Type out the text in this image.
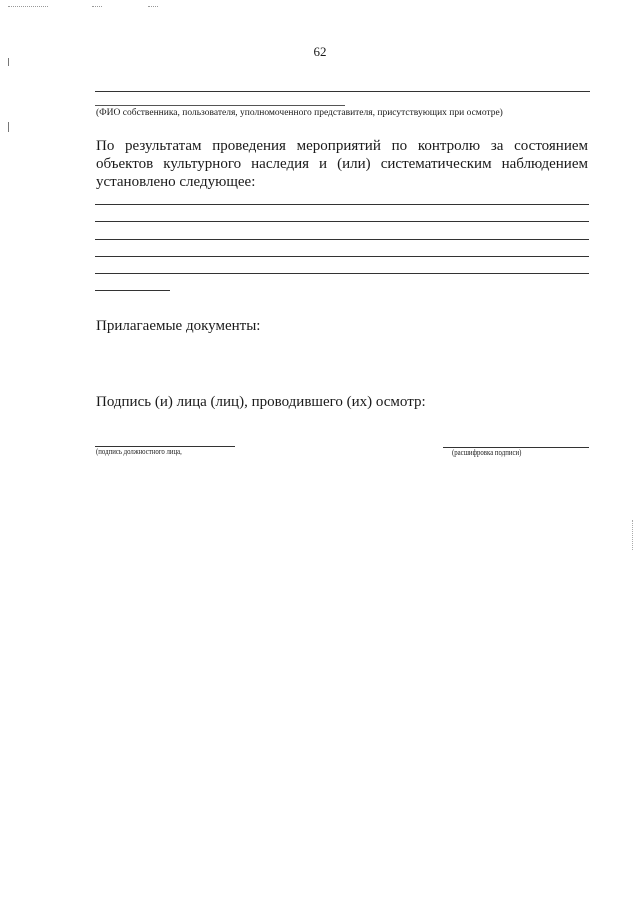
62
(ФИО собственника, пользователя, уполномоченного представителя, присутствующих при осмотре)
По результатам проведения мероприятий по контролю за состоянием объектов культурного наследия и (или) систематическим наблюдением установлено следующее:
Прилагаемые документы:
Подпись (и) лица (лиц), проводившего (их) осмотр:
(подпись должностного лица,	(расшифровка подписи)
